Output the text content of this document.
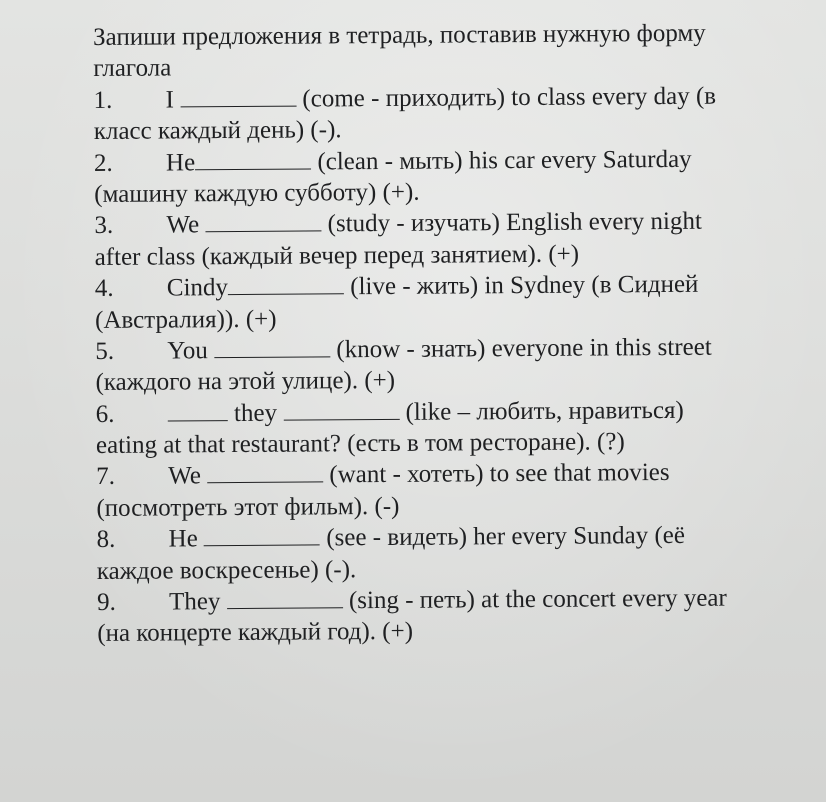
Запиши предложения в тетрадь, поставив нужную форму
глагола
1. I	(come - приходить) to class every day (в
класс каждый день) (-).
2. He	(clean - мыть) his car every Saturday
(машину каждую субботу) (+).
3. We	(study - изучать) English every night
after class (каждый вечер перед занятием). (+)
4. Cindy	(live - жить) in Sydney (в Сидней
(Австралия)). (+)
5. You	(know - знать) everyone in this street
(каждого на этой улице). (+)
6.	they	(like – любить, нравиться)
eating at that restaurant? (есть в том ресторане). (?)
7. We	(want - хотеть) to see that movies
(посмотреть этот фильм). (-)
8. He	(see - видеть) her every Sunday (её
каждое воскресенье) (-).
9. They	(sing - петь) at the concert every year
(на концерте каждый год). (+)
